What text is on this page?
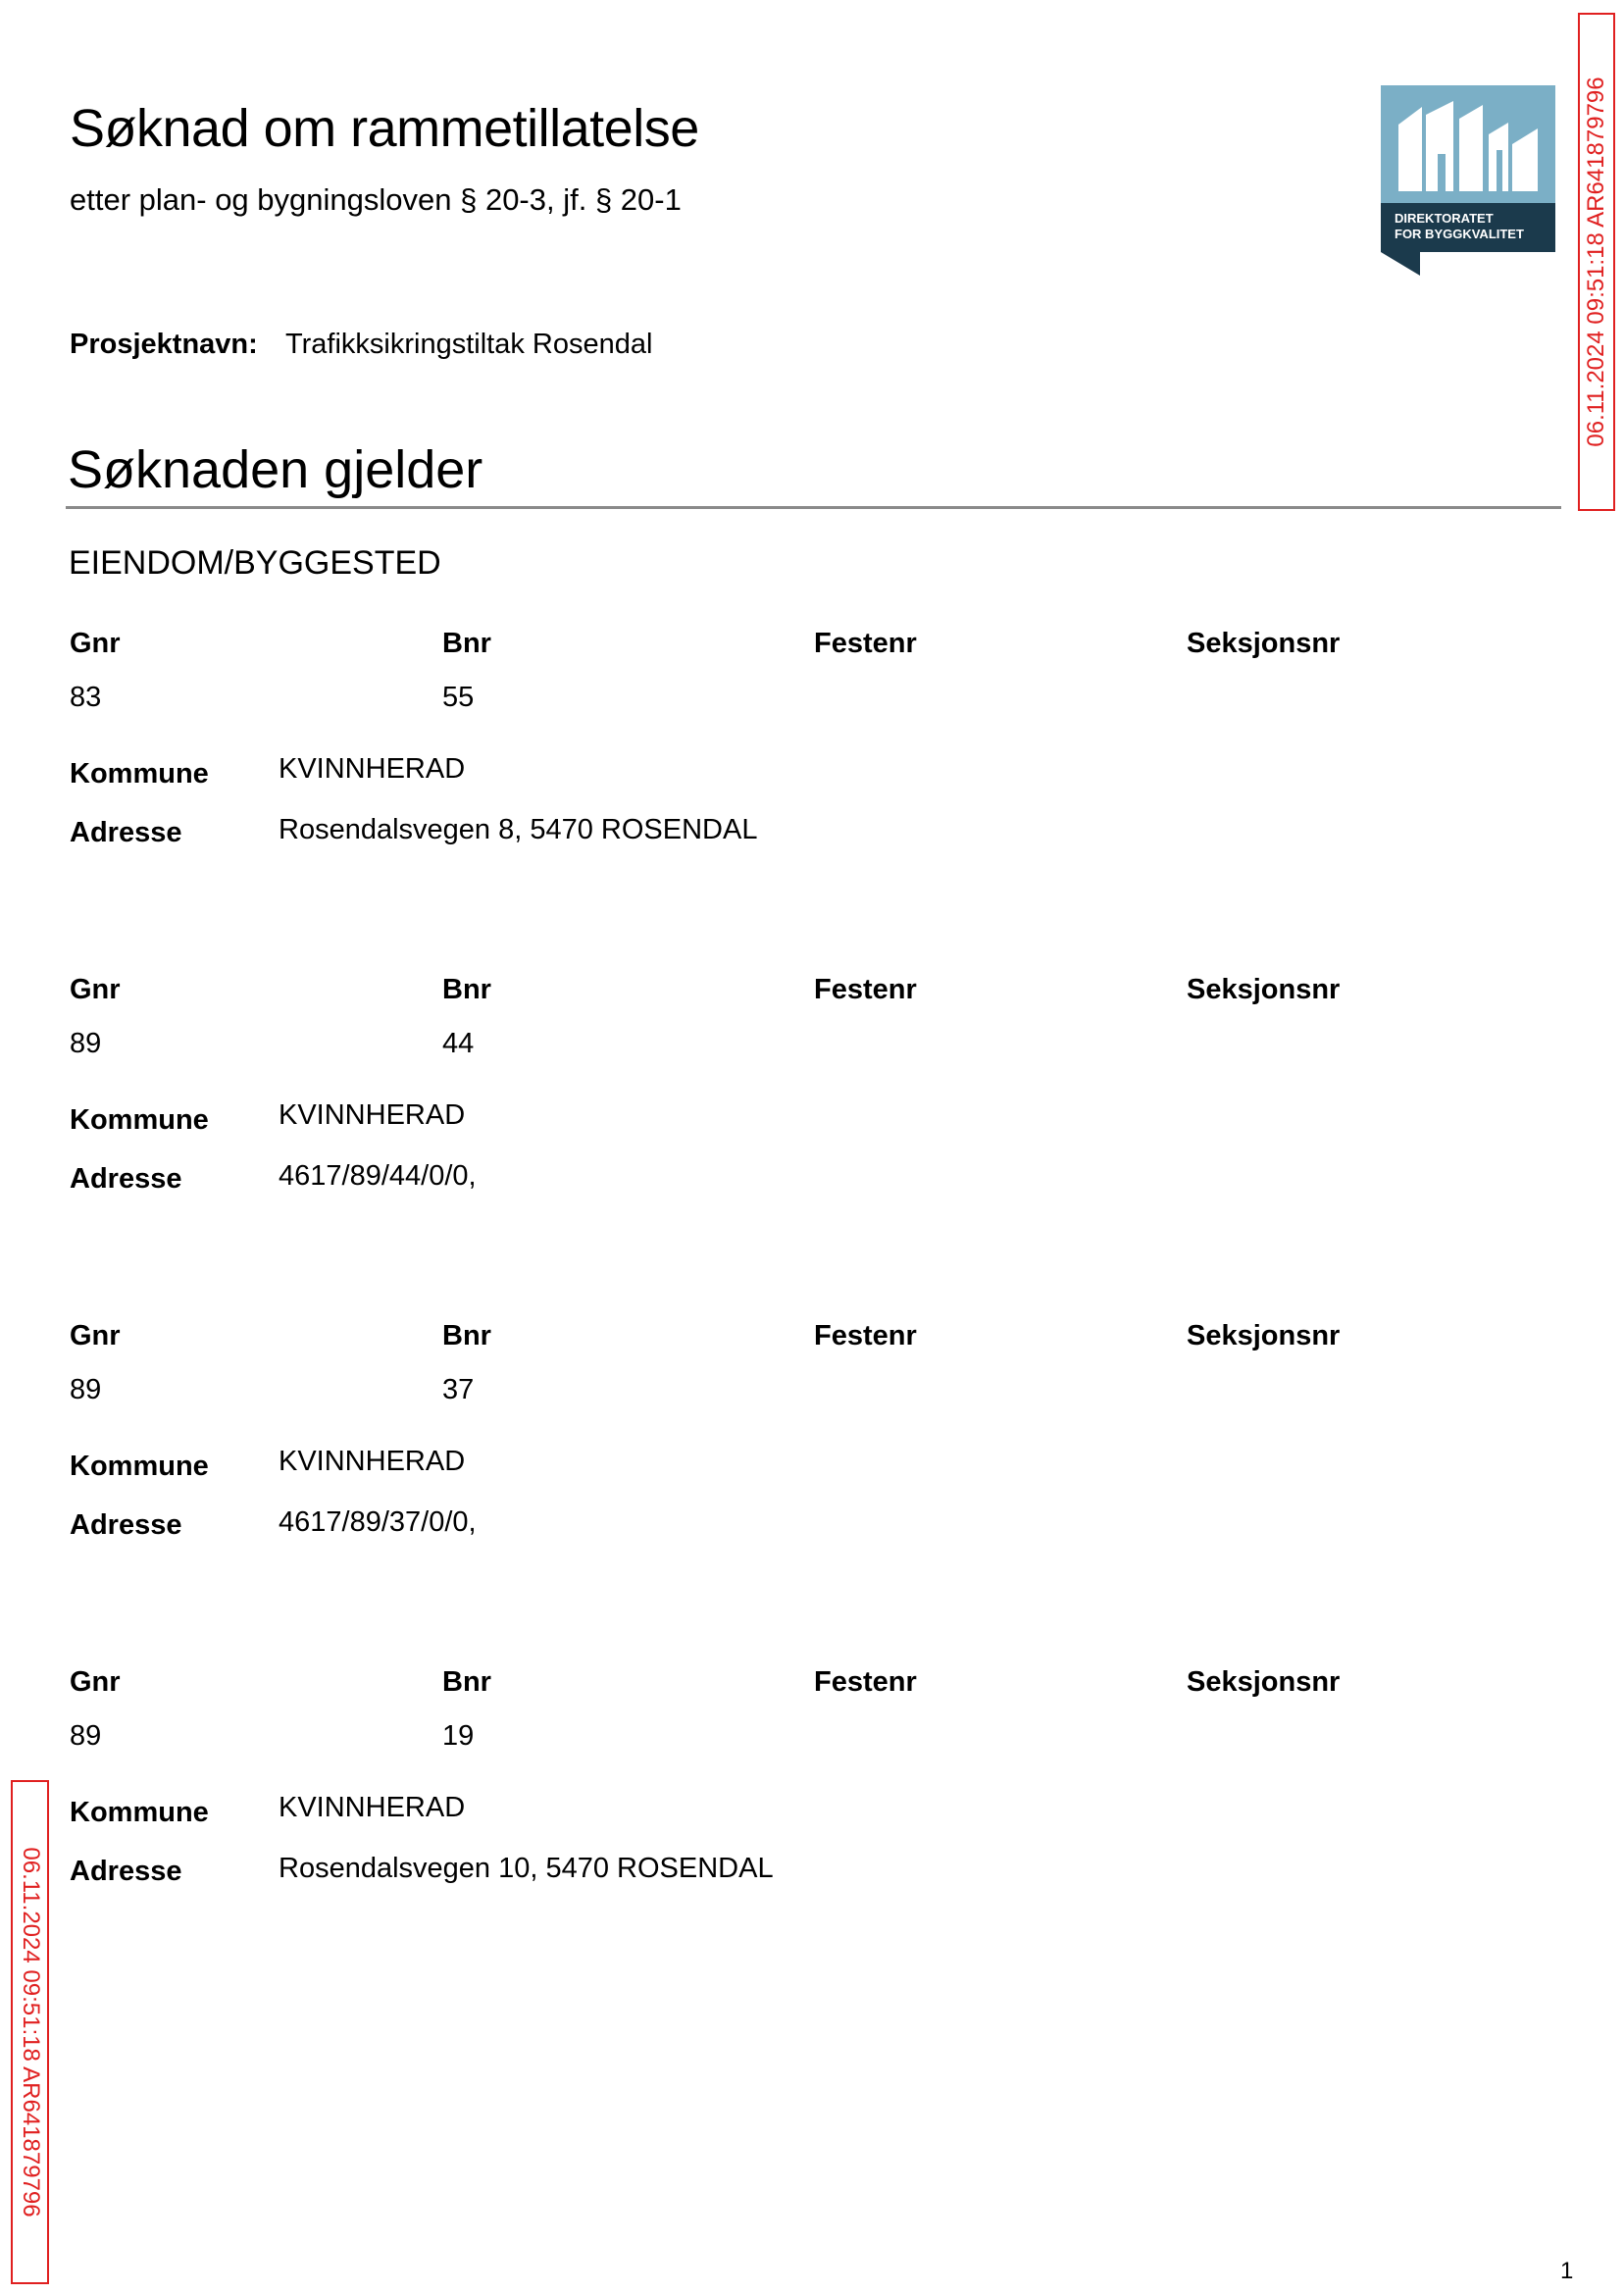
Søknad om rammetillatelse
etter plan- og bygningsloven § 20-3, jf. § 20-1
Prosjektnavn: Trafikksikringstiltak Rosendal
Søknaden gjelder
EIENDOM/BYGGESTED
Gnr	Bnr	Festenr	Seksjonsnr
83	55
Kommune KVINNHERAD
Adresse	Rosendalsvegen 8, 5470 ROSENDAL
Gnr	Bnr	Festenr	Seksjonsnr
89	44
Kommune KVINNHERAD
Adresse	4617/89/44/0/0,
Gnr	Bnr	Festenr	Seksjonsnr
89	37
Kommune KVINNHERAD
Adresse	4617/89/37/0/0,
Gnr	Bnr	Festenr	Seksjonsnr
89	19
Kommune KVINNHERAD
Adresse	Rosendalsvegen 10, 5470 ROSENDAL
DIREKTORATET
FOR BYGGKVALITET	06.11.2024 09:51:18 AR641879796
06.11.2024 09:51:18 AR641879796
1
